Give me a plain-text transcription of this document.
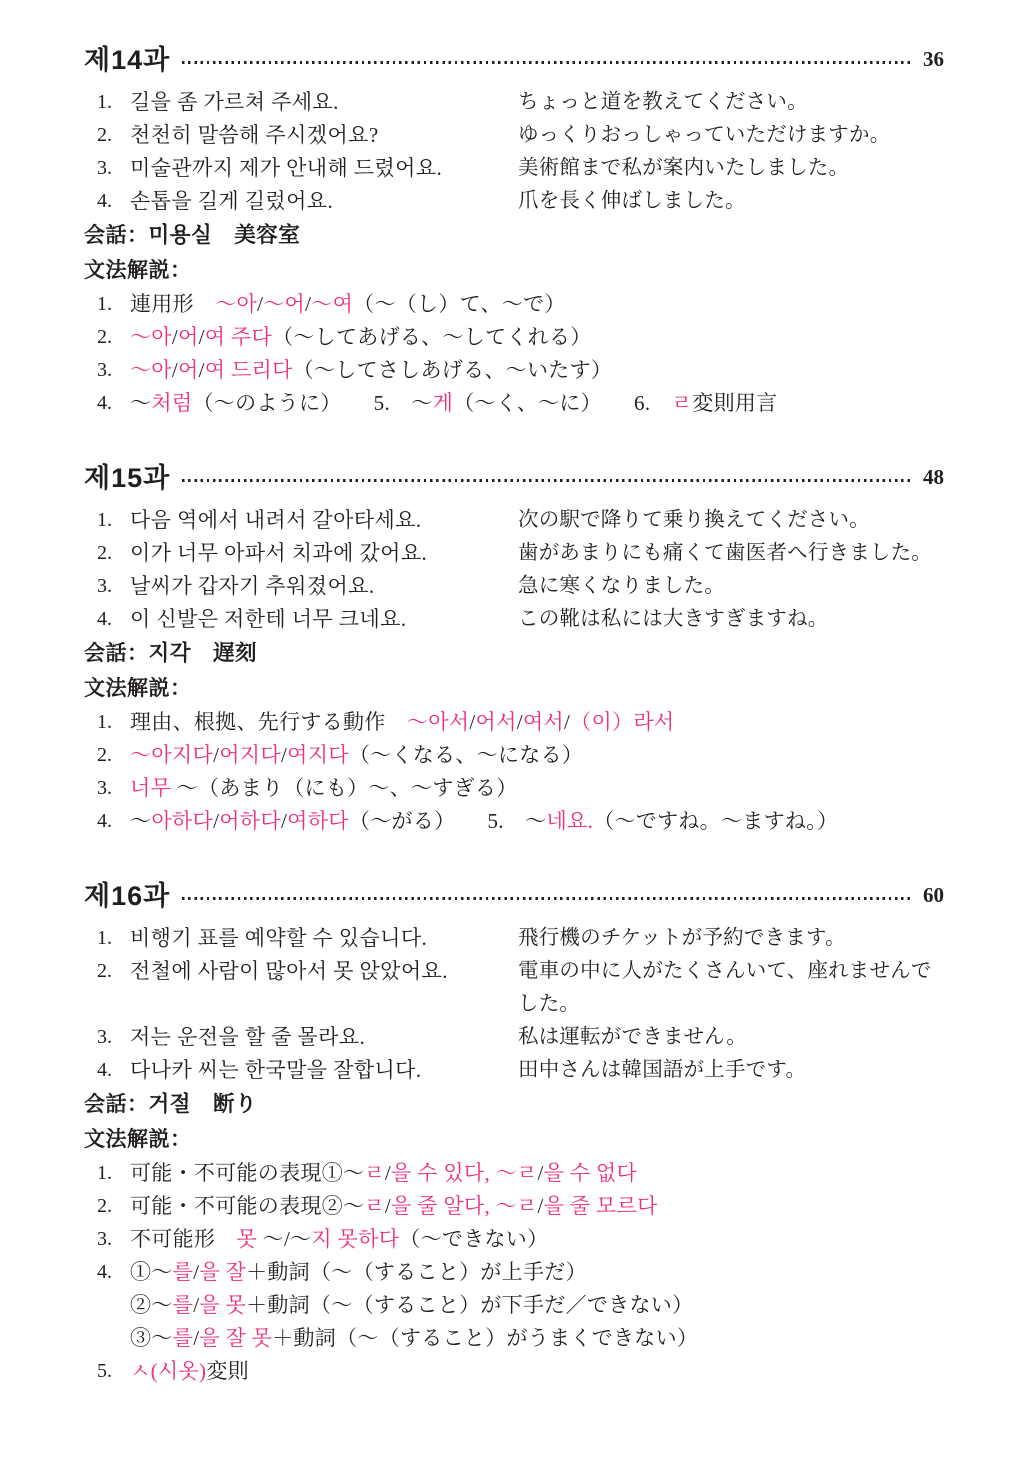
제14과	36
1. 길을 좀 가르쳐 주세요.	ちょっと道を教えてください。
2. 천천히 말씀해 주시겠어요?	ゆっくりおっしゃっていただけますか。
3. 미술관까지 제가 안내해 드렸어요.	美術館まで私が案内いたしました。
4. 손톱을 길게 길렀어요.	爪を長く伸ばしました。
会話：미용실　美容室
文法解説：
1. 連用形　～아/～어/～여（～（し）て、～で）
2. ～아/어/여 주다（～してあげる、～してくれる）
3. ～아/어/여 드리다（～してさしあげる、～いたす）
4. ～처럼（～のように）　　5.　～게（～く、～に）　　6.　ㄹ変則用言
제15과	48
1. 다음 역에서 내려서 갈아타세요.	次の駅で降りて乗り換えてください。
2. 이가 너무 아파서 치과에 갔어요.	歯があまりにも痛くて歯医者へ行きました。
3. 날씨가 갑자기 추워졌어요.	急に寒くなりました。
4. 이 신발은 저한테 너무 크네요.	この靴は私には大きすぎますね。
会話：지각　遅刻
文法解説：
1. 理由、根拠、先行する動作　～아서/어서/여서/（이）라서
2. ～아지다/어지다/여지다（～くなる、～になる）
3. 너무 ～（あまり（にも）～、～すぎる）
4. ～아하다/어하다/여하다（～がる）　　5.　～네요.（～ですね。～ますね。）
제16과	60
1. 비행기 표를 예약할 수 있습니다.	飛行機のチケットが予約できます。
2. 전철에 사람이 많아서 못 앉았어요.	電車の中に人がたくさんいて、座れませんでした。
3. 저는 운전을 할 줄 몰라요.	私は運転ができません。
4. 다나카 씨는 한국말을 잘합니다.	田中さんは韓国語が上手です。
会話：거절　断り
文法解説：
1. 可能・不可能の表現①～ㄹ/을 수 있다, ～ㄹ/을 수 없다
2. 可能・不可能の表現②～ㄹ/을 줄 알다, ～ㄹ/을 줄 모르다
3. 不可能形　못 ～/～지 못하다（～できない）
4. ①～를/을 잘＋動詞（～（すること）が上手だ）
②～를/을 못＋動詞（～（すること）が下手だ／できない）
③～를/을 잘 못＋動詞（～（すること）がうまくできない）
5. ㅅ(시옷)変則
